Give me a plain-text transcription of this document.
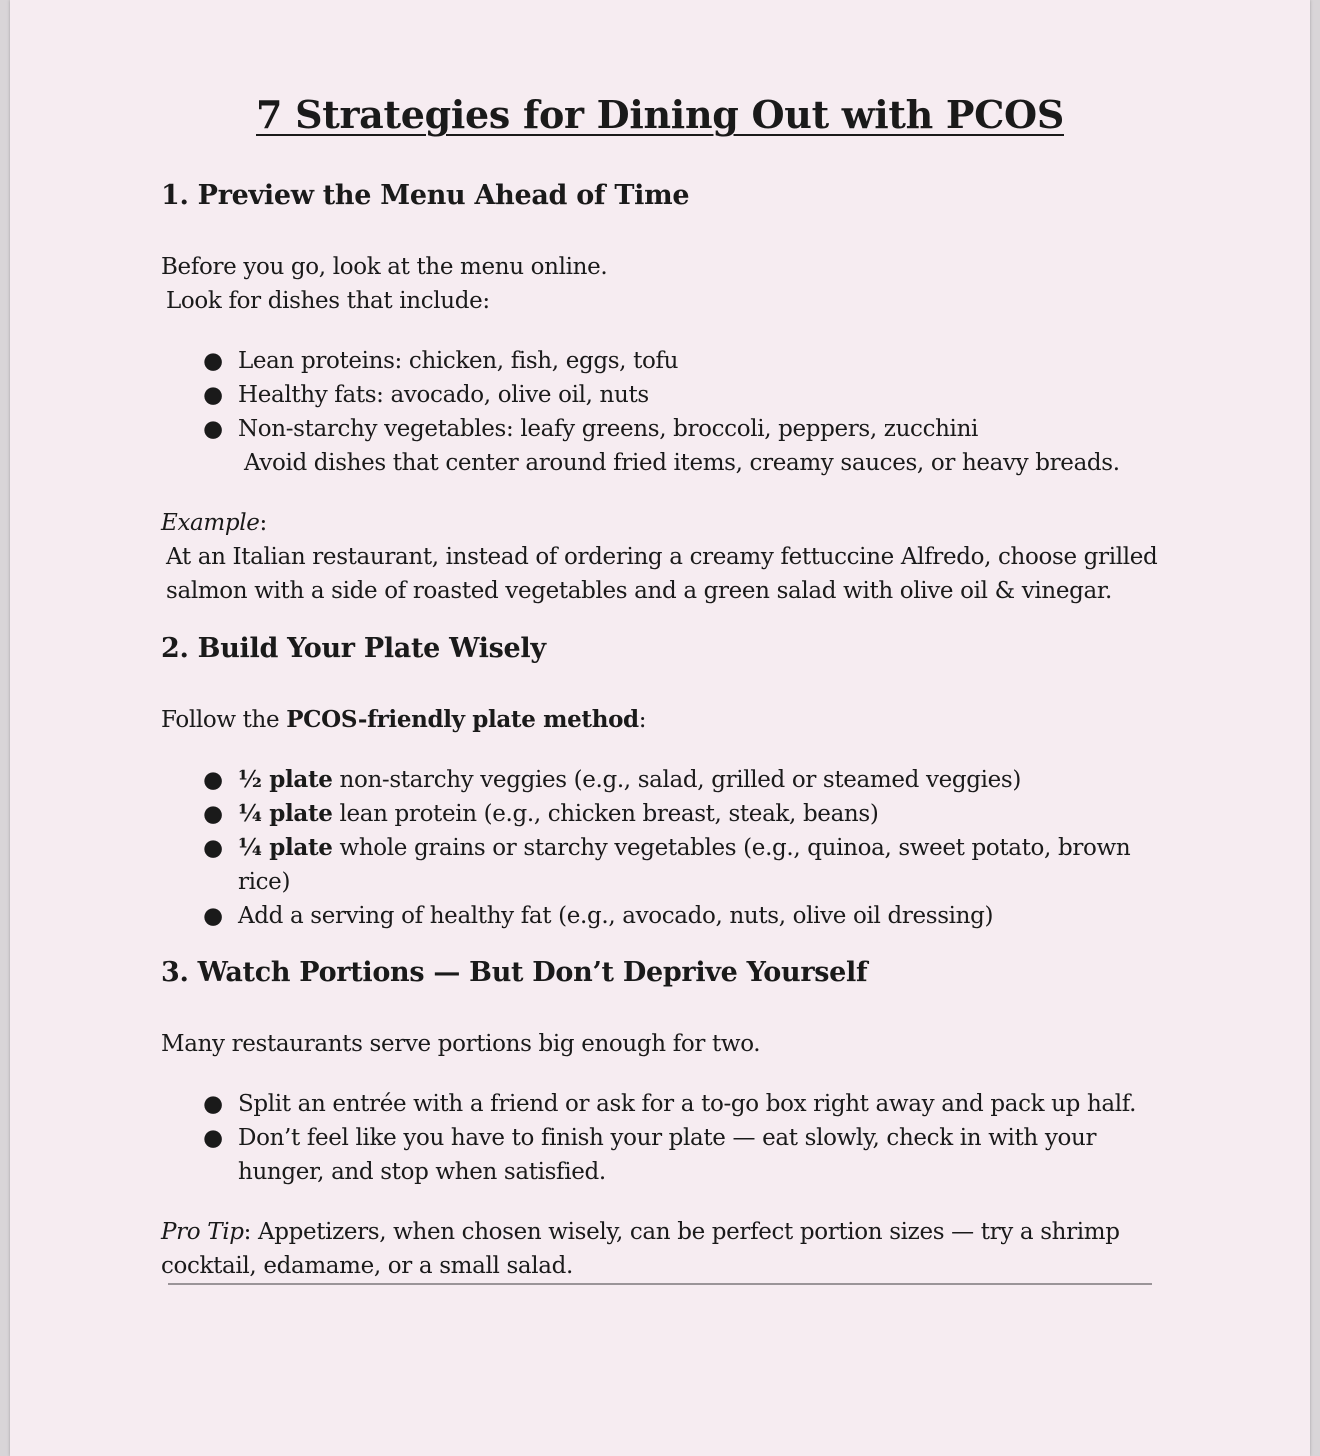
7 Strategies for Dining Out with PCOS
1. Preview the Menu Ahead of Time

Before you go, look at the menu online.

Look for dishes that include:

● Lean proteins: chicken, fish, eggs, tofu
● Healthy fats: avocado, olive oil, nuts
● Non-starchy vegetables: leafy greens, broccoli, peppers, zucchini
Avoid dishes that center around fried items, creamy sauces, or heavy breads.

Example:

At an Italian restaurant, instead of ordering a creamy fettuccine Alfredo, choose grilled salmon with a side of roasted vegetables and a green salad with olive oil & vinegar.

2. Build Your Plate Wisely

Follow the PCOS-friendly plate method:

● ½ plate non-starchy veggies (e.g., salad, grilled or steamed veggies)
● ¼ plate lean protein (e.g., chicken breast, steak, beans)
● ¼ plate whole grains or starchy vegetables (e.g., quinoa, sweet potato, brown rice)
● Add a serving of healthy fat (e.g., avocado, nuts, olive oil dressing)
3. Watch Portions — But Don’t Deprive Yourself

Many restaurants serve portions big enough for two.

● Split an entrée with a friend or ask for a to-go box right away and pack up half.
● Don’t feel like you have to finish your plate — eat slowly, check in with your hunger, and stop when satisfied.

Pro Tip: Appetizers, when chosen wisely, can be perfect portion sizes — try a shrimp cocktail, edamame, or a small salad.
